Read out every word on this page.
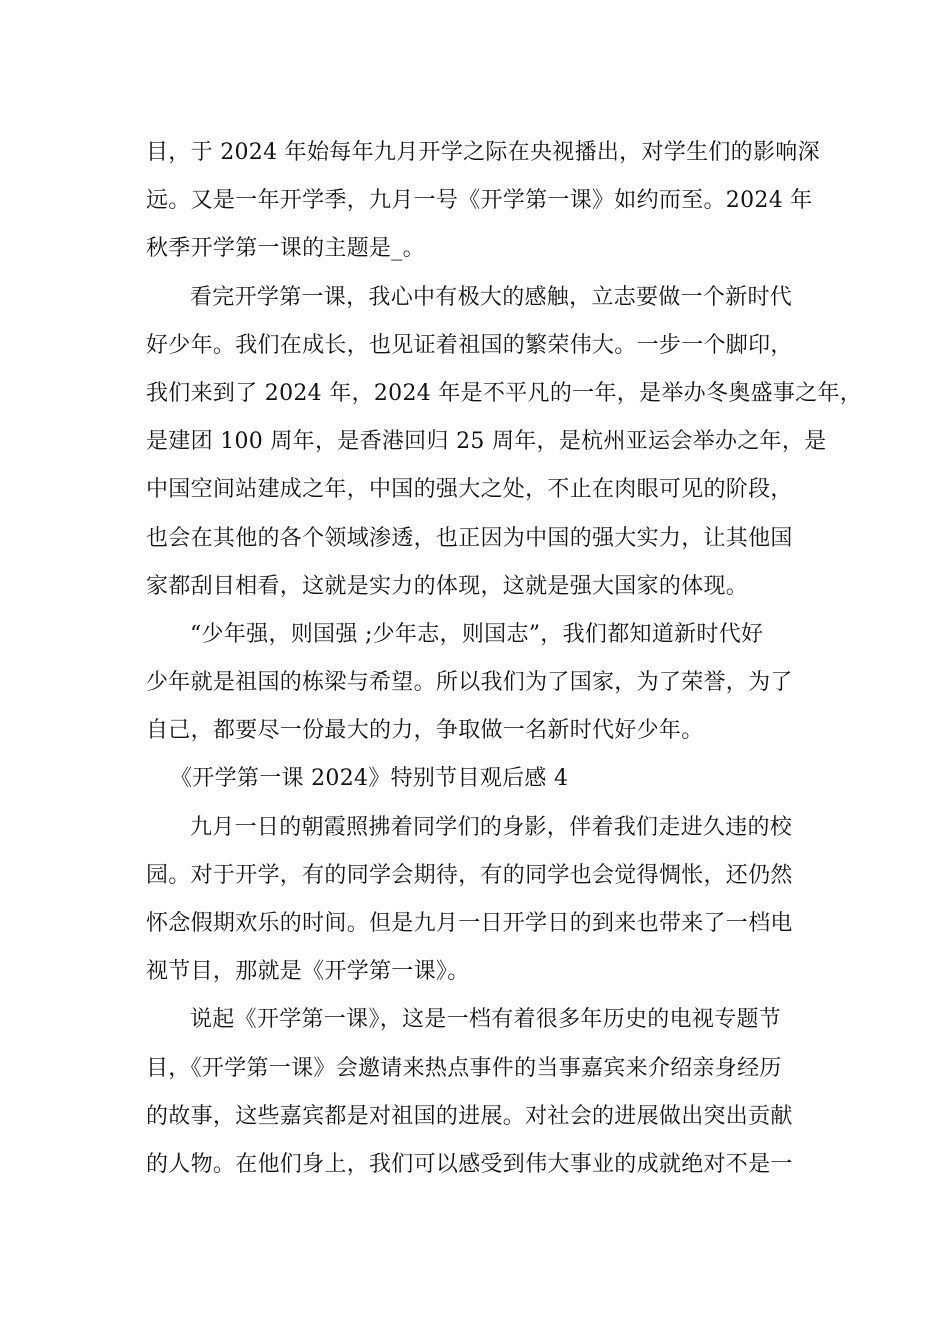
目，于 2024 年始每年九月开学之际在央视播出，对学生们的影响深
远。又是一年开学季，九月一号《开学第一课》如约而至。2024 年
秋季开学第一课的主题是_。
看完开学第一课，我心中有极大的感触，立志要做一个新时代
好少年。我们在成长，也见证着祖国的繁荣伟大。一步一个脚印，
我们来到了 2024 年，2024 年是不平凡的一年，是举办冬奥盛事之年，
是建团 100 周年，是香港回归 25 周年，是杭州亚运会举办之年，是
中国空间站建成之年，中国的强大之处，不止在肉眼可见的阶段，
也会在其他的各个领域渗透，也正因为中国的强大实力，让其他国
家都刮目相看，这就是实力的体现，这就是强大国家的体现。
“少年强，则国强 ;少年志，则国志”，我们都知道新时代好
少年就是祖国的栋梁与希望。所以我们为了国家，为了荣誉，为了
自己，都要尽一份最大的力，争取做一名新时代好少年。
《开学第一课 2024》特别节目观后感 4
九月一日的朝霞照拂着同学们的身影，伴着我们走进久违的校
园。对于开学，有的同学会期待，有的同学也会觉得惆怅，还仍然
怀念假期欢乐的时间。但是九月一日开学日的到来也带来了一档电
视节目，那就是《开学第一课》。
说起《开学第一课》，这是一档有着很多年历史的电视专题节
目，《开学第一课》会邀请来热点事件的当事嘉宾来介绍亲身经历
的故事，这些嘉宾都是对祖国的进展。对社会的进展做出突出贡献
的人物。在他们身上，我们可以感受到伟大事业的成就绝对不是一
